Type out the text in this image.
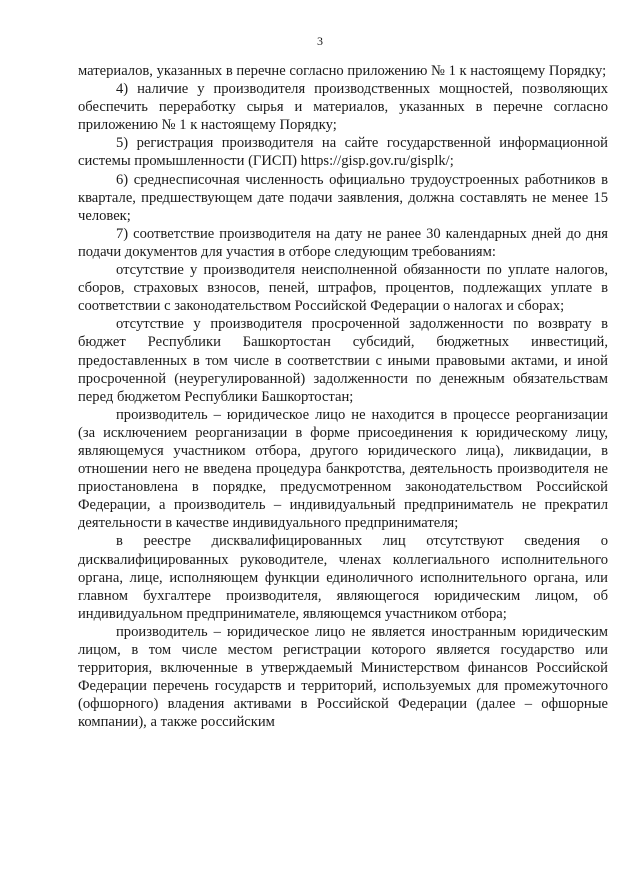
3

материалов, указанных в перечне согласно приложению № 1 к настоящему Порядку;

4) наличие у производителя производственных мощностей, позволяющих обеспечить переработку сырья и материалов, указанных в перечне согласно приложению № 1 к настоящему Порядку;

5) регистрация производителя на сайте государственной информационной системы промышленности (ГИСП) https://gisp.gov.ru/gisplk/;

6) среднесписочная численность официально трудоустроенных работников в квартале, предшествующем дате подачи заявления, должна составлять не менее 15 человек;

7) соответствие производителя на дату не ранее 30 календарных дней до дня подачи документов для участия в отборе следующим требованиям:

отсутствие у производителя неисполненной обязанности по уплате налогов, сборов, страховых взносов, пеней, штрафов, процентов, подлежащих уплате в соответствии с законодательством Российской Федерации о налогах и сборах;

отсутствие у производителя просроченной задолженности по возврату в бюджет Республики Башкортостан субсидий, бюджетных инвестиций, предоставленных в том числе в соответствии с иными правовыми актами, и иной просроченной (неурегулированной) задолженности по денежным обязательствам перед бюджетом Республики Башкортостан;

производитель – юридическое лицо не находится в процессе реорганизации (за исключением реорганизации в форме присоединения к юридическому лицу, являющемуся участником отбора, другого юридического лица), ликвидации, в отношении него не введена процедура банкротства, деятельность производителя не приостановлена в порядке, предусмотренном законодательством Российской Федерации, а производитель – индивидуальный предприниматель не прекратил деятельности в качестве индивидуального предпринимателя;

в реестре дисквалифицированных лиц отсутствуют сведения о дисквалифицированных руководителе, членах коллегиального исполнительного органа, лице, исполняющем функции единоличного исполнительного органа, или главном бухгалтере производителя, являющегося юридическим лицом, об индивидуальном предпринимателе, являющемся участником отбора;

производитель – юридическое лицо не является иностранным юридическим лицом, в том числе местом регистрации которого является государство или территория, включенные в утверждаемый Министерством финансов Российской Федерации перечень государств и территорий, используемых для промежуточного (офшорного) владения активами в Российской Федерации (далее – офшорные компании), а также российским
